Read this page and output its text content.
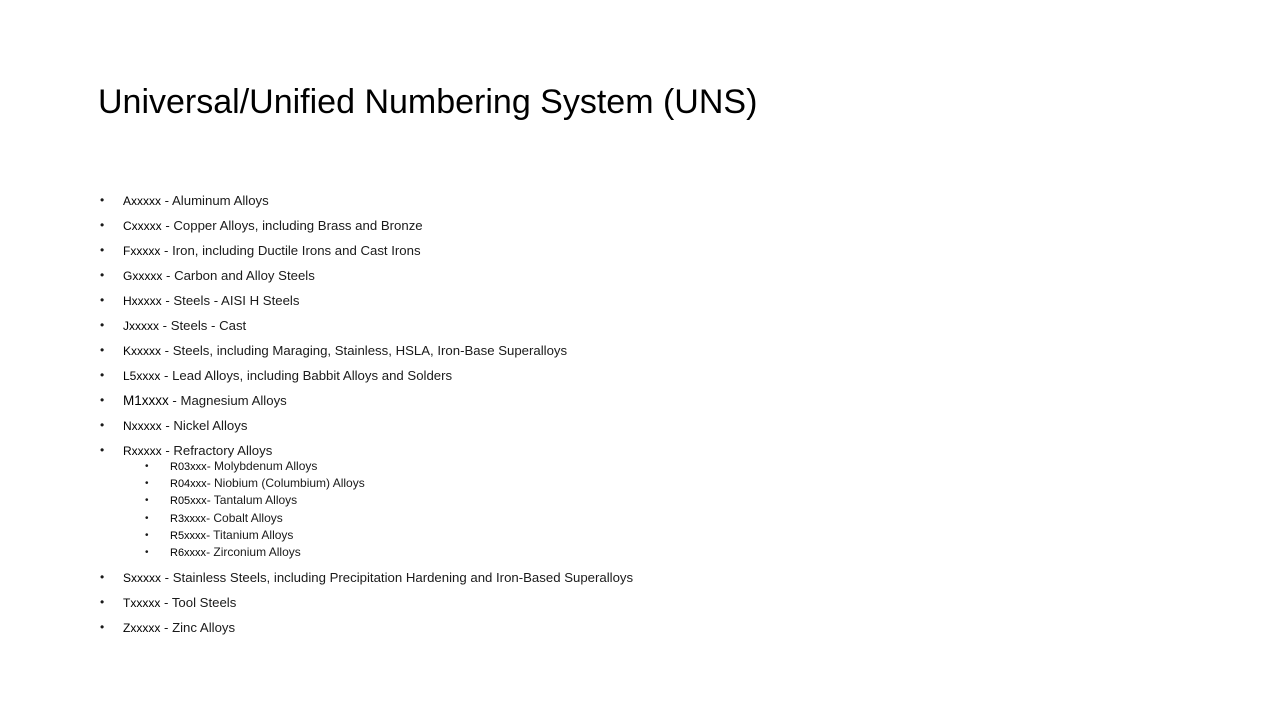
Universal/Unified Numbering System (UNS)
• Axxxxx - Aluminum Alloys
• Cxxxxx - Copper Alloys, including Brass and Bronze
• Fxxxxx - Iron, including Ductile Irons and Cast Irons
• Gxxxxx - Carbon and Alloy Steels
• Hxxxxx - Steels - AISI H Steels
• Jxxxxx - Steels - Cast
• Kxxxxx - Steels, including Maraging, Stainless, HSLA, Iron-Base Superalloys
• L5xxxx - Lead Alloys, including Babbit Alloys and Solders
• M1xxxx - Magnesium Alloys
• Nxxxxx - Nickel Alloys
• Rxxxxx - Refractory Alloys
• R03xxx- Molybdenum Alloys
• R04xxx- Niobium (Columbium) Alloys
• R05xxx- Tantalum Alloys
• R3xxxx- Cobalt Alloys
• R5xxxx- Titanium Alloys
• R6xxxx- Zirconium Alloys
• Sxxxxx - Stainless Steels, including Precipitation Hardening and Iron-Based Superalloys
• Txxxxx - Tool Steels
• Zxxxxx - Zinc Alloys
